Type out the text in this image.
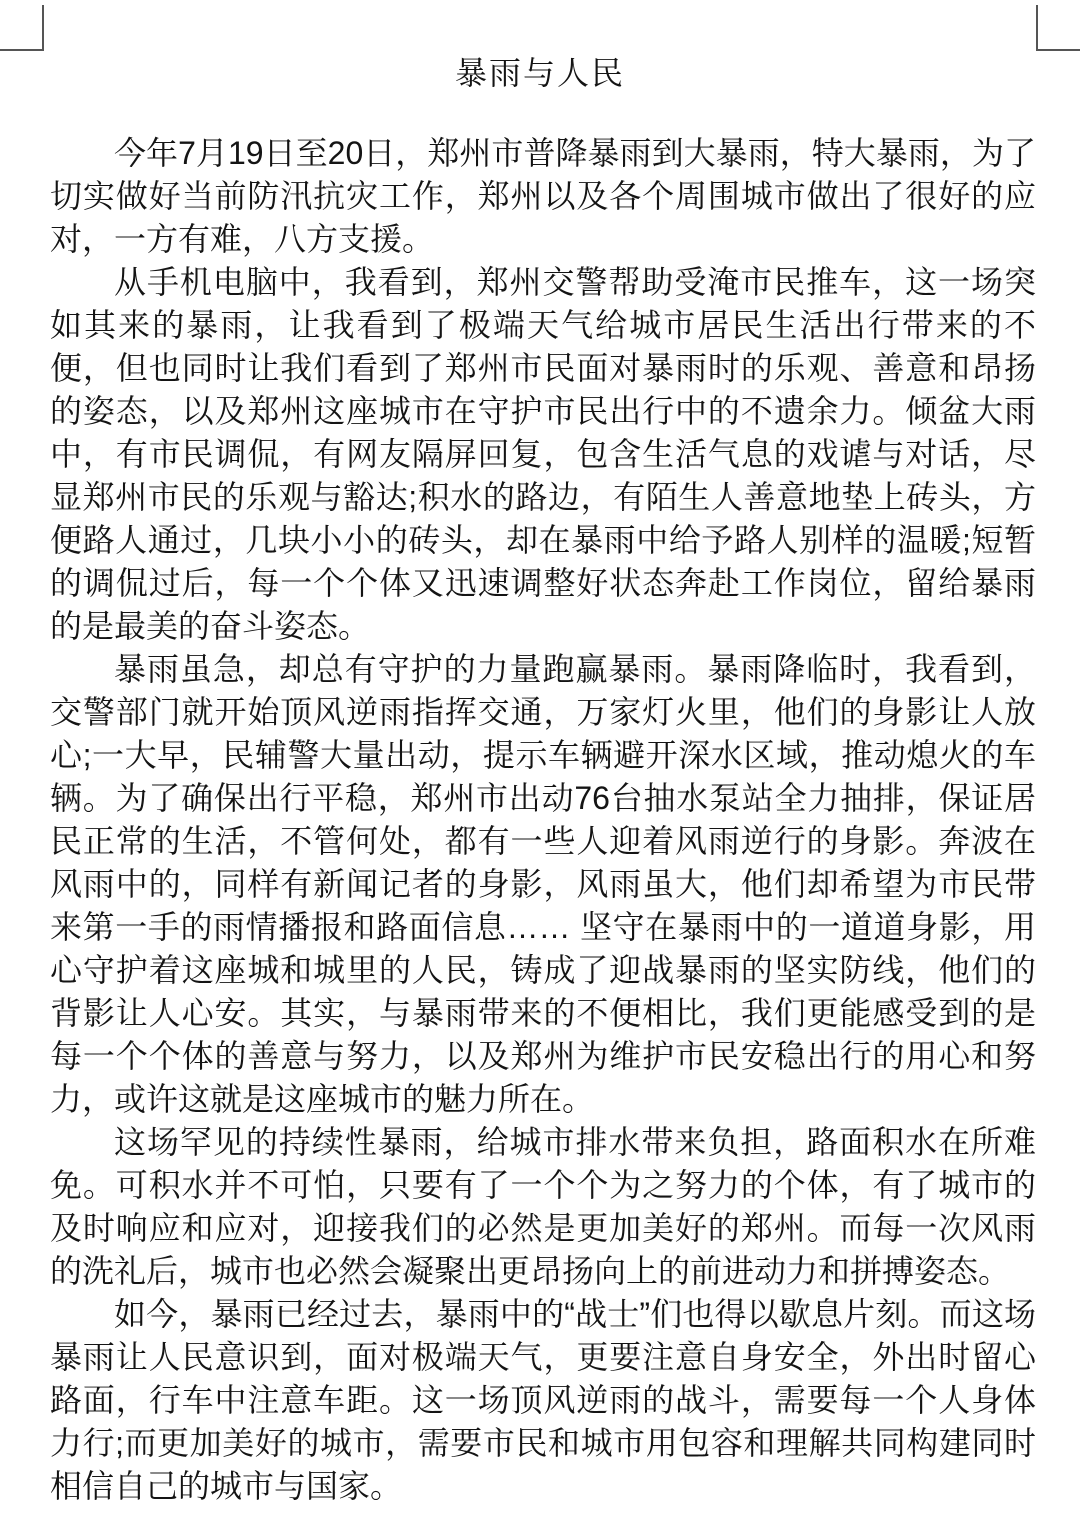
暴雨与人民

今年7月19日至20日，郑州市普降暴雨到大暴雨，特大暴雨，为了切实做好当前防汛抗灾工作，郑州以及各个周围城市做出了很好的应对，一方有难，八方支援。

从手机电脑中，我看到，郑州交警帮助受淹市民推车，这一场突如其来的暴雨，让我看到了极端天气给城市居民生活出行带来的不便，但也同时让我们看到了郑州市民面对暴雨时的乐观、善意和昂扬的姿态，以及郑州这座城市在守护市民出行中的不遗余力。倾盆大雨中，有市民调侃，有网友隔屏回复，包含生活气息的戏谑与对话，尽显郑州市民的乐观与豁达;积水的路边，有陌生人善意地垫上砖头，方便路人通过，几块小小的砖头，却在暴雨中给予路人别样的温暖;短暂的调侃过后，每一个个体又迅速调整好状态奔赴工作岗位，留给暴雨的是最美的奋斗姿态。

暴雨虽急，却总有守护的力量跑赢暴雨。暴雨降临时，我看到，交警部门就开始顶风逆雨指挥交通，万家灯火里，他们的身影让人放心;一大早，民辅警大量出动，提示车辆避开深水区域，推动熄火的车辆。为了确保出行平稳，郑州市出动76台抽水泵站全力抽排，保证居民正常的生活，不管何处，都有一些人迎着风雨逆行的身影。奔波在风雨中的，同样有新闻记者的身影，风雨虽大，他们却希望为市民带来第一手的雨情播报和路面信息…… 坚守在暴雨中的一道道身影，用心守护着这座城和城里的人民，铸成了迎战暴雨的坚实防线，他们的背影让人心安。其实，与暴雨带来的不便相比，我们更能感受到的是每一个个体的善意与努力，以及郑州为维护市民安稳出行的用心和努力，或许这就是这座城市的魅力所在。

这场罕见的持续性暴雨，给城市排水带来负担，路面积水在所难免。可积水并不可怕，只要有了一个个为之努力的个体，有了城市的及时响应和应对，迎接我们的必然是更加美好的郑州。而每一次风雨的洗礼后，城市也必然会凝聚出更昂扬向上的前进动力和拼搏姿态。

如今，暴雨已经过去，暴雨中的“战士”们也得以歇息片刻。而这场暴雨让人民意识到，面对极端天气，更要注意自身安全，外出时留心路面，行车中注意车距。这一场顶风逆雨的战斗，需要每一个人身体力行;而更加美好的城市，需要市民和城市用包容和理解共同构建同时相信自己的城市与国家。
